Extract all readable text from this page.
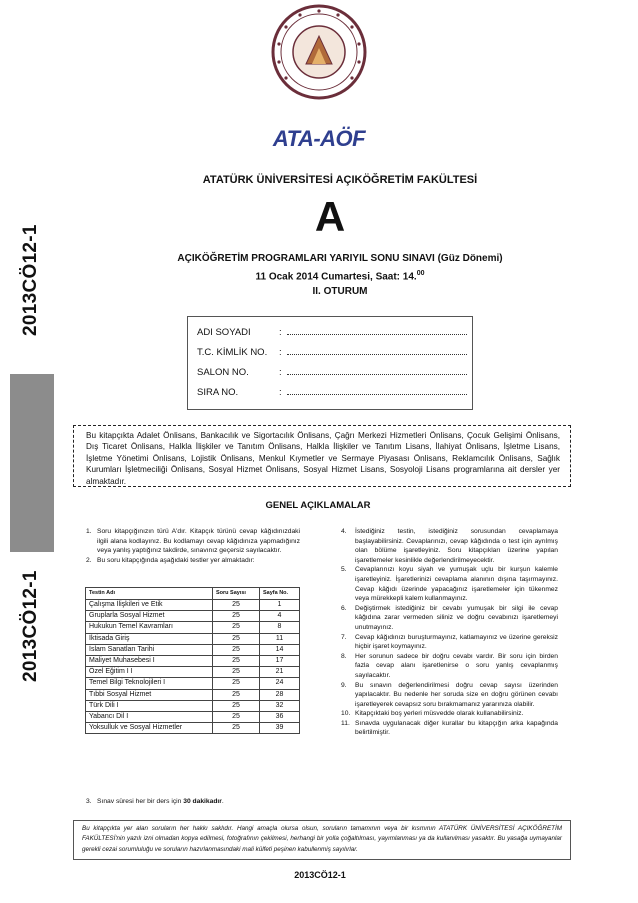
2013CÖ12-1
2013CÖ12-1
ATA-AÖF
ATATÜRK ÜNİVERSİTESİ AÇIKÖĞRETİM FAKÜLTESİ
A
AÇIKÖĞRETİM PROGRAMLARI YARIYIL SONU SINAVI (Güz Dönemi)
11 Ocak 2014 Cumartesi, Saat: 14.00
II. OTURUM
ADI SOYADI	:
T.C. KİMLİK NO. :
SALON NO.	:
SIRA NO.	:
Bu kitapçıkta Adalet Önlisans, Bankacılık ve Sigortacılık Önlisans, Çağrı Merkezi Hizmetleri Önlisans, Çocuk Gelişimi Önlisans, Dış Ticaret Önlisans, Halkla İlişkiler ve Tanıtım Önlisans, Halkla İlişkiler ve Tanıtım Lisans, İlahiyat Önlisans, İşletme Lisans, İşletme Yönetimi Önlisans, Lojistik Önlisans, Menkul Kıymetler ve Sermaye Piyasası Önlisans, Reklamcılık Önlisans, Sağlık Kurumları İşletmeciliği Önlisans, Sosyal Hizmet Önlisans, Sosyal Hizmet Lisans, Sosyoloji Lisans programlarına ait dersler yer almaktadır.
GENEL AÇIKLAMALAR
1. Soru kitapçığınızın türü A'dır. Kitapçık türünü cevap kâğıdınızdaki ilgili alana kodlayınız. Bu kodlamayı cevap kâğıdınıza yapmadığınız veya yanlış yaptığınız takdirde, sınavınız geçersiz sayılacaktır.
2. Bu soru kitapçığında aşağıdaki testler yer almaktadır:
Testin Adı	Soru Sayısı	Sayfa No.
Çalışma İlişkileri ve Etik	25	1
Gruplarla Sosyal Hizmet	25	4
Hukukun Temel Kavramları	25	8
İktisada Giriş	25	11
İslam Sanatları Tarihi	25	14
Maliyet Muhasebesi I	25	17
Özel Eğitim I I	25	21
Temel Bilgi Teknolojileri I	25	24
Tıbbi Sosyal Hizmet	25	28
Türk Dili I	25	32
Yabancı Dil I	25	36
Yoksulluk ve Sosyal Hizmetler	25	39
3. Sınav süresi her bir ders için 30 dakikadır.
4. İstediğiniz testin, istediğiniz sorusundan cevaplamaya başlayabilirsiniz. Cevaplarınızı, cevap kâğıdında o test için ayrılmış olan bölüme işaretleyiniz. Soru kitapçıkları üzerine yapılan işaretlemeler kesinlikle değerlendirilmeyecektir.
5. Cevaplarınızı koyu siyah ve yumuşak uçlu bir kurşun kalemle işaretleyiniz. İşaretlerinizi cevaplama alanının dışına taşırmayınız. Cevap kâğıdı üzerinde yapacağınız işaretlemeler için tükenmez veya mürekkepli kalem kullanmayınız.
6. Değiştirmek istediğiniz bir cevabı yumuşak bir silgi ile cevap kâğıdına zarar vermeden siliniz ve doğru cevabınızı işaretlemeyi unutmayınız.
7. Cevap kâğıdınızı buruşturmayınız, katlamayınız ve üzerine gereksiz hiçbir işaret koymayınız.
8. Her sorunun sadece bir doğru cevabı vardır. Bir soru için birden fazla cevap alanı işaretlenirse o soru yanlış cevaplanmış sayılacaktır.
9. Bu sınavın değerlendirilmesi doğru cevap sayısı üzerinden yapılacaktır. Bu nedenle her soruda size en doğru görünen cevabı işaretleyerek cevapsız soru bırakmamanız yararınıza olabilir.
10. Kitapçıktaki boş yerleri müsvedde olarak kullanabilirsiniz.
11. Sınavda uygulanacak diğer kurallar bu kitapçığın arka kapağında belirtilmiştir.
Bu kitapçıkta yer alan soruların her hakkı saklıdır. Hangi amaçla olursa olsun, soruların tamamının veya bir kısmının ATATÜRK ÜNİVERSİTESİ AÇIKÖĞRETİM FAKÜLTESİ'nin yazılı izni olmadan kopya edilmesi, fotoğrafının çekilmesi, herhangi bir yolla çoğaltılması, yayımlanması ya da kullanılması yasaktır. Bu yasağa uymayanlar gerekli cezai sorumluluğu ve soruların hazırlanmasındaki mali külfeti peşinen kabullenmiş sayılırlar.
2013CÖ12-1
